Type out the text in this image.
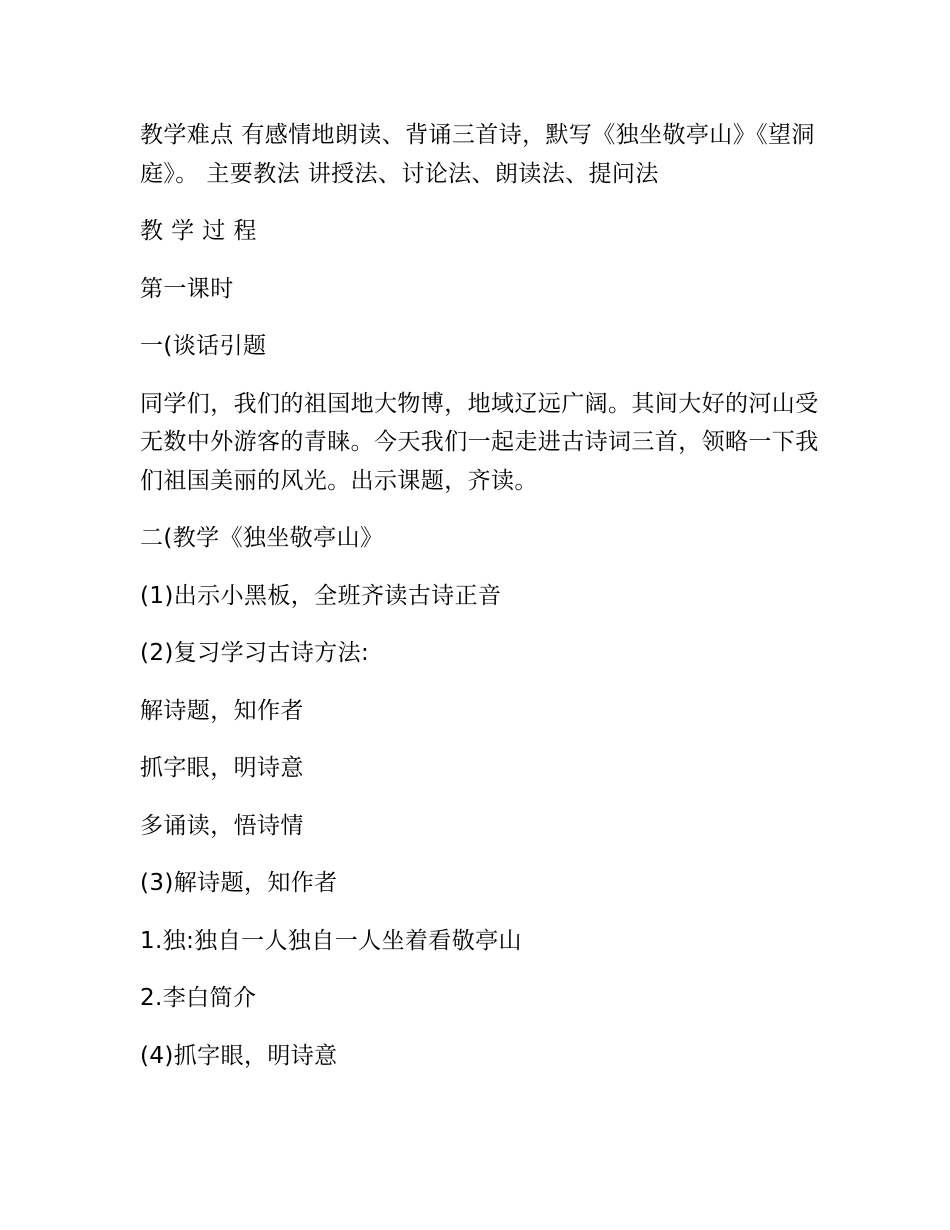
教学难点 有感情地朗读、背诵三首诗，默写《独坐敬亭山》《望洞庭》。 主要教法 讲授法、讨论法、朗读法、提问法

教 学 过 程

第一课时

一(谈话引题

同学们，我们的祖国地大物博，地域辽远广阔。其间大好的河山受无数中外游客的青睐。今天我们一起走进古诗词三首，领略一下我们祖国美丽的风光。出示课题，齐读。

二(教学《独坐敬亭山》

(1)出示小黑板，全班齐读古诗正音

(2)复习学习古诗方法:

解诗题，知作者

抓字眼，明诗意

多诵读，悟诗情

(3)解诗题，知作者

1.独:独自一人独自一人坐着看敬亭山

2.李白简介

(4)抓字眼，明诗意
